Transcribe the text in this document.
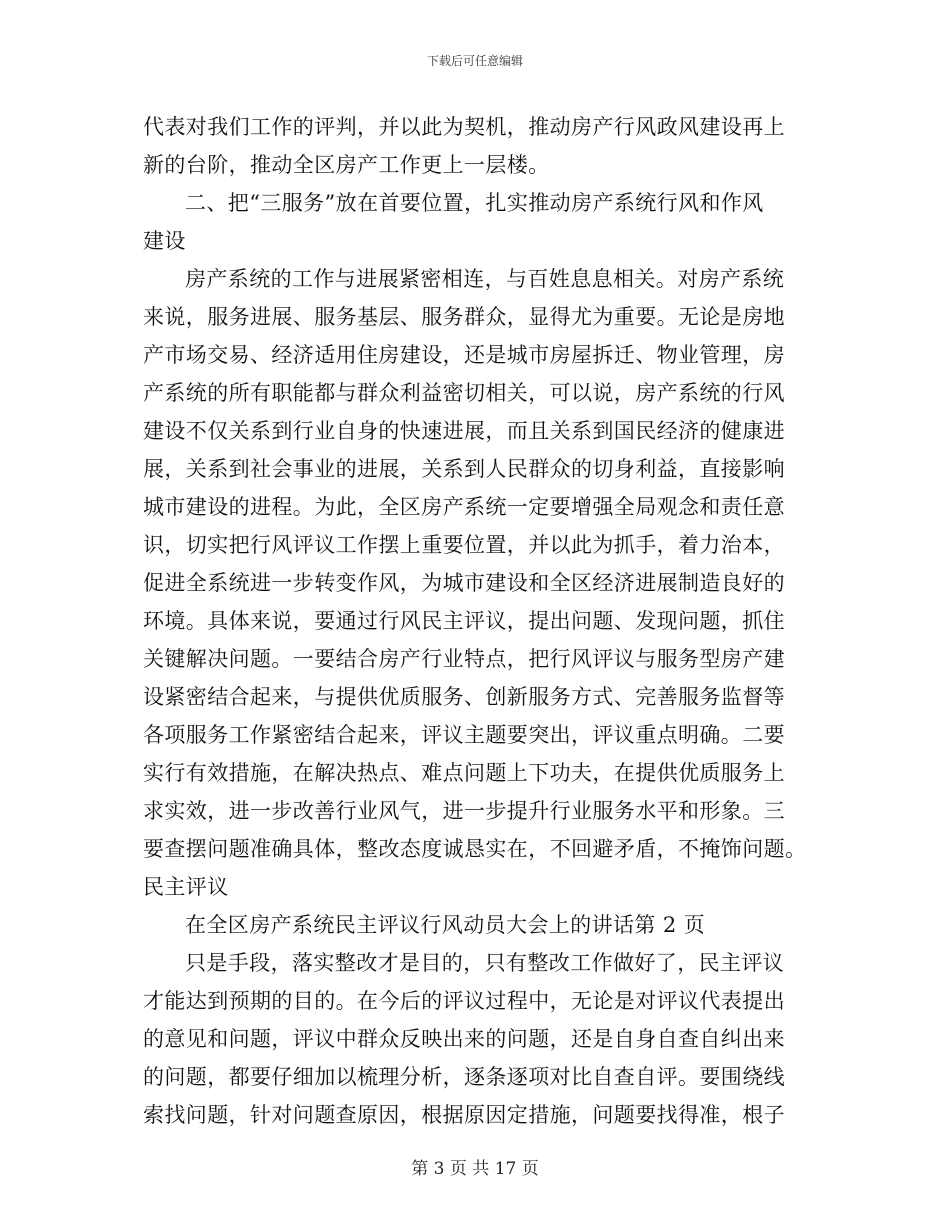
下载后可任意编辑
代表对我们工作的评判，并以此为契机，推动房产行风政风建设再上
新的台阶，推动全区房产工作更上一层楼。
二、把“三服务”放在首要位置，扎实推动房产系统行风和作风
建设
房产系统的工作与进展紧密相连，与百姓息息相关。对房产系统
来说，服务进展、服务基层、服务群众，显得尤为重要。无论是房地
产市场交易、经济适用住房建设，还是城市房屋拆迁、物业管理，房
产系统的所有职能都与群众利益密切相关，可以说，房产系统的行风
建设不仅关系到行业自身的快速进展，而且关系到国民经济的健康进
展，关系到社会事业的进展，关系到人民群众的切身利益，直接影响
城市建设的进程。为此，全区房产系统一定要增强全局观念和责任意
识，切实把行风评议工作摆上重要位置，并以此为抓手，着力治本，
促进全系统进一步转变作风，为城市建设和全区经济进展制造良好的
环境。具体来说，要通过行风民主评议，提出问题、发现问题，抓住
关键解决问题。一要结合房产行业特点，把行风评议与服务型房产建
设紧密结合起来，与提供优质服务、创新服务方式、完善服务监督等
各项服务工作紧密结合起来，评议主题要突出，评议重点明确。二要
实行有效措施，在解决热点、难点问题上下功夫，在提供优质服务上
求实效，进一步改善行业风气，进一步提升行业服务水平和形象。三
要查摆问题准确具体，整改态度诚恳实在，不回避矛盾，不掩饰问题。
民主评议
在全区房产系统民主评议行风动员大会上的讲话第 2 页
只是手段，落实整改才是目的，只有整改工作做好了，民主评议
才能达到预期的目的。在今后的评议过程中，无论是对评议代表提出
的意见和问题，评议中群众反映出来的问题，还是自身自查自纠出来
的问题，都要仔细加以梳理分析，逐条逐项对比自查自评。要围绕线
索找问题，针对问题查原因，根据原因定措施，问题要找得准，根子
第 3 页 共 17 页
